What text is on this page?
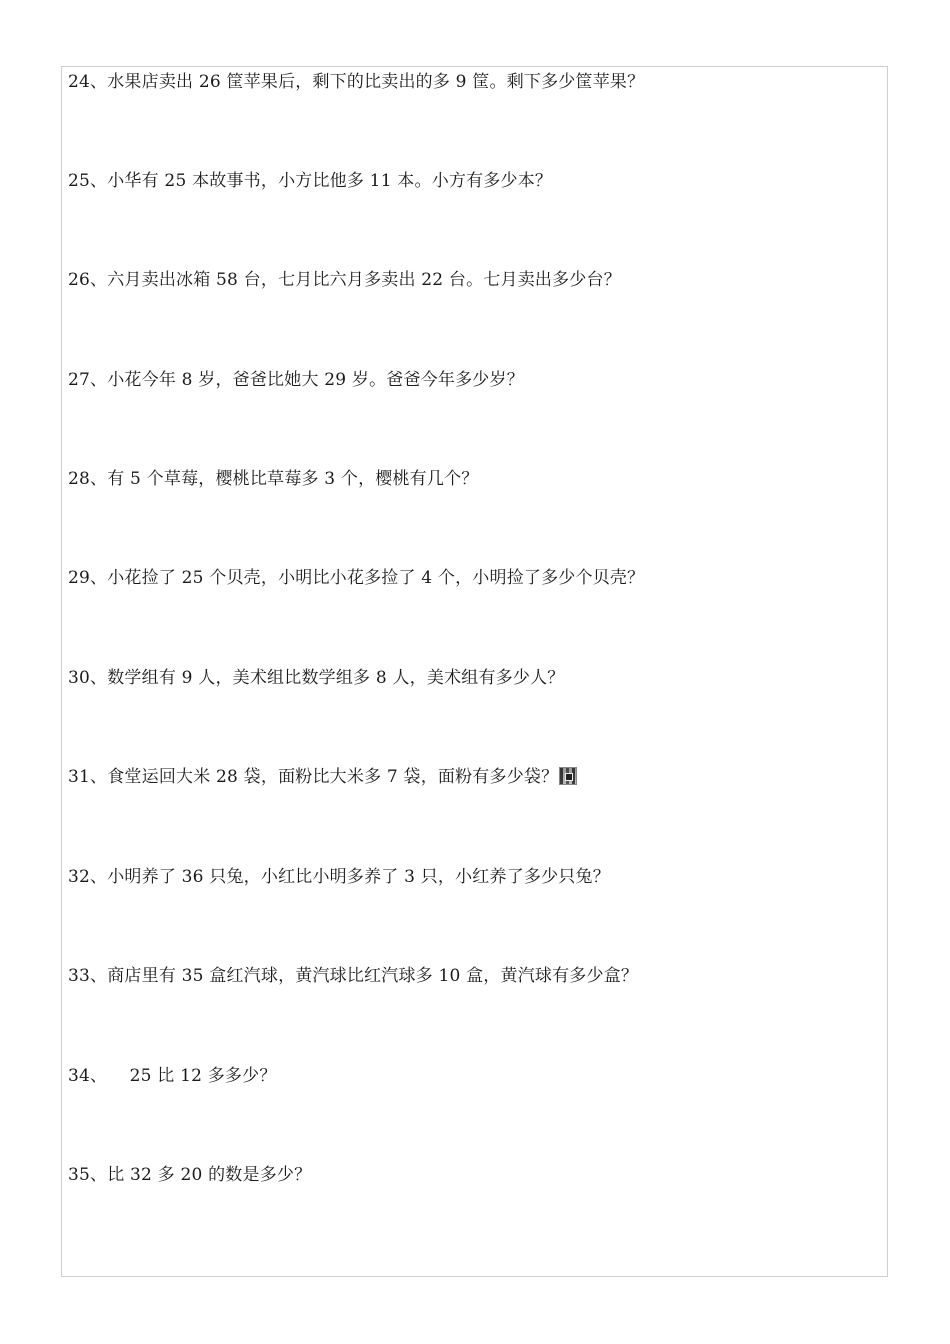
24、水果店卖出 26 筐苹果后，剩下的比卖出的多 9 筐。剩下多少筐苹果？
25、小华有 25 本故事书，小方比他多 11 本。小方有多少本？
26、六月卖出冰箱 58 台，七月比六月多卖出 22 台。七月卖出多少台？
27、小花今年 8 岁，爸爸比她大 29 岁。爸爸今年多少岁？
28、有 5 个草莓，樱桃比草莓多 3 个，樱桃有几个？
29、小花捡了 25 个贝壳，小明比小花多捡了 4 个，小明捡了多少个贝壳？
30、数学组有 9 人，美术组比数学组多 8 人，美术组有多少人？
31、食堂运回大米 28 袋，面粉比大米多 7 袋，面粉有多少袋？
32、小明养了 36 只兔，小红比小明多养了 3 只，小红养了多少只兔？
33、商店里有 35 盒红汽球，黄汽球比红汽球多 10 盒，黄汽球有多少盒？
34、    25 比 12 多多少？
35、比 32 多 20 的数是多少？
